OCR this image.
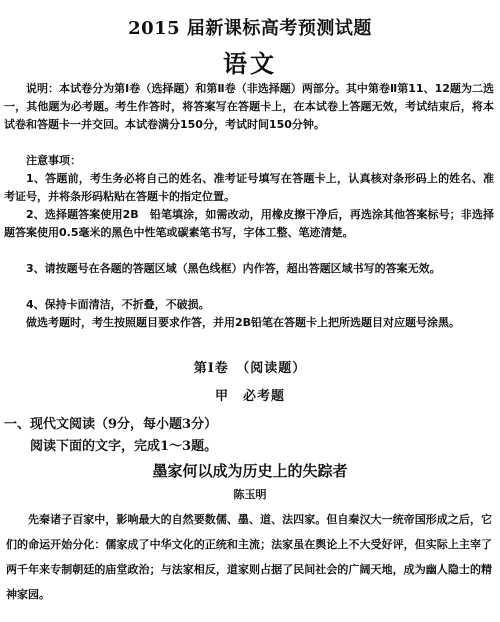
2015 届新课标高考预测试题
语文

说明：本试卷分为第Ⅰ卷（选择题）和第Ⅱ卷（非选择题）两部分。其中第卷Ⅱ第11、12题为二选一，其他题为必考题。考生作答时，将答案写在答题卡上，在本试卷上答题无效，考试结束后，将本试卷和答题卡一并交回。本试卷满分150分，考试时间150分钟。

注意事项：

1、答题前，考生务必将自己的姓名、准考证号填写在答题卡上，认真核对条形码上的姓名、准考证号，并将条形码粘贴在答题卡的指定位置。

2、选择题答案使用2B　铅笔填涂，如需改动，用橡皮擦干净后，再选涂其他答案标号；非选择题答案使用0.5毫米的黑色中性笔或碳素笔书写，字体工整、笔迹清楚。

3、请按题号在各题的答题区域（黑色线框）内作答，超出答题区域书写的答案无效。

4、保持卡面清洁，不折叠，不破损。

做选考题时，考生按照题目要求作答，并用2B铅笔在答题卡上把所选题目对应题号涂黑。

第Ⅰ卷　（阅读题）
甲　必考题
一、现代文阅读（9分，每小题3分）

阅读下面的文字，完成1～3题。

墨家何以成为历史上的失踪者

陈玉明

先秦诸子百家中，影响最大的自然要数儒、墨、道、法四家。但自秦汉大一统帝国形成之后，它们的命运开始分化：儒家成了中华文化的正统和主流；法家虽在舆论上不大受好评，但实际上主宰了两千年来专制朝廷的庙堂政治；与法家相反，道家则占据了民间社会的广阔天地，成为幽人隐士的精神家园。
